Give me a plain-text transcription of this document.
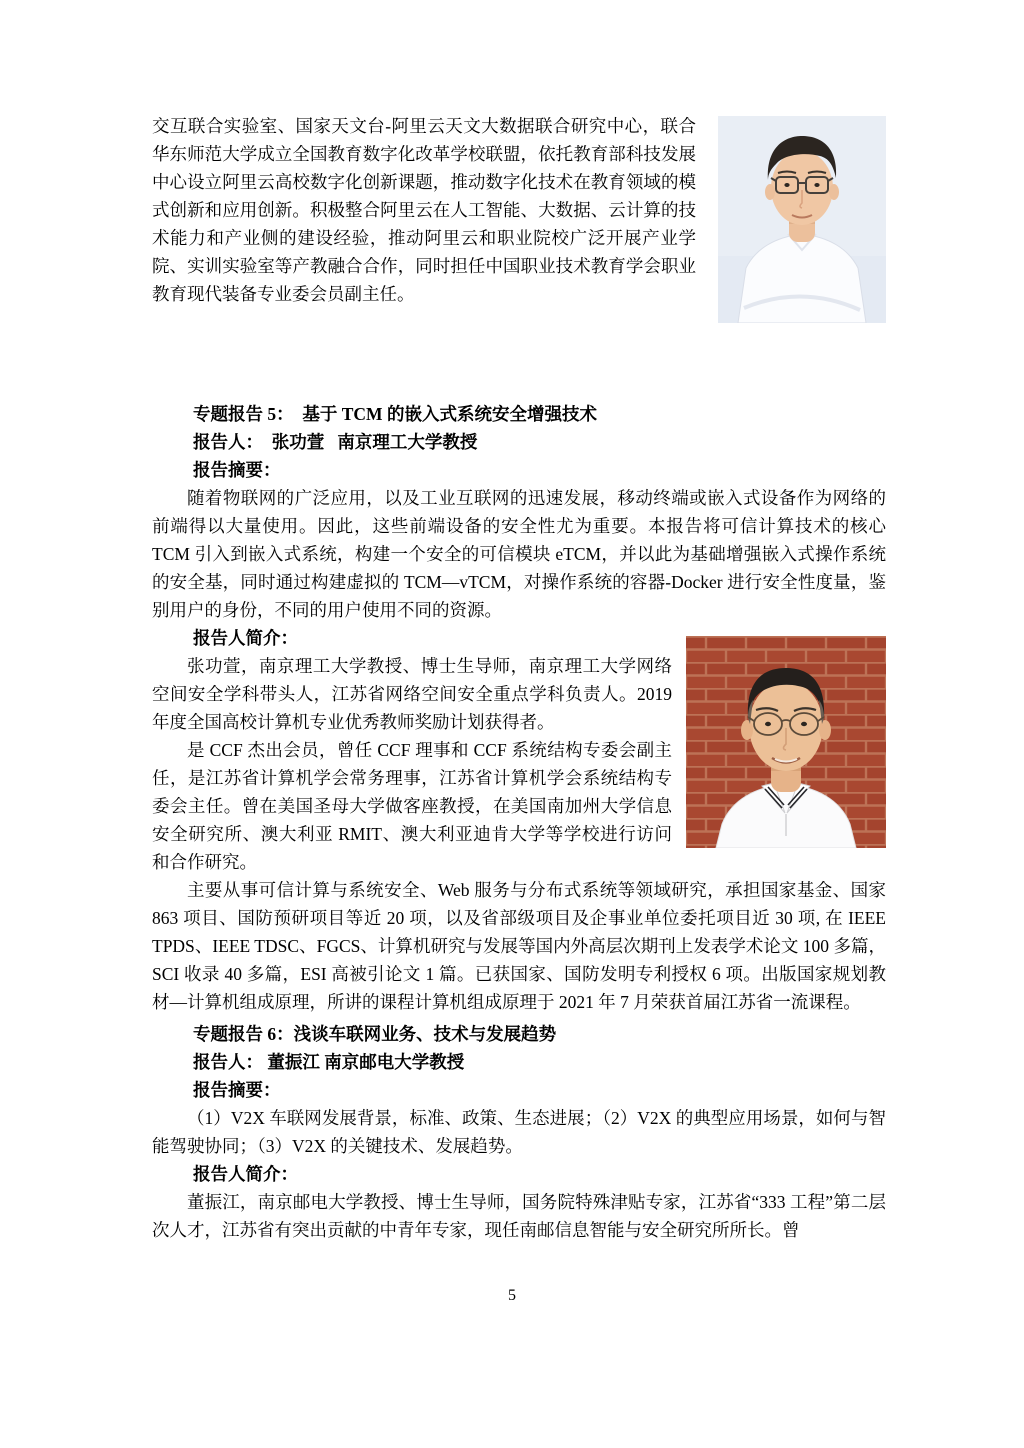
交互联合实验室、国家天文台-阿里云天文大数据联合研究中心，联合华东师范大学成立全国教育数字化改革学校联盟，依托教育部科技发展中心设立阿里云高校数字化创新课题，推动数字化技术在教育领域的模式创新和应用创新。积极整合阿里云在人工智能、大数据、云计算的技术能力和产业侧的建设经验，推动阿里云和职业院校广泛开展产业学院、实训实验室等产教融合合作，同时担任中国职业技术教育学会职业教育现代装备专业委会员副主任。

专题报告 5：  基于 TCM 的嵌入式系统安全增强技术

报告人：  张功萱   南京理工大学教授

报告摘要：

随着物联网的广泛应用，以及工业互联网的迅速发展，移动终端或嵌入式设备作为网络的前端得以大量使用。因此，这些前端设备的安全性尤为重要。本报告将可信计算技术的核心 TCM 引入到嵌入式系统，构建一个安全的可信模块 eTCM，并以此为基础增强嵌入式操作系统的安全基，同时通过构建虚拟的 TCM—vTCM，对操作系统的容器-Docker 进行安全性度量，鉴别用户的身份，不同的用户使用不同的资源。

报告人简介：

张功萱，南京理工大学教授、博士生导师，南京理工大学网络空间安全学科带头人，江苏省网络空间安全重点学科负责人。2019 年度全国高校计算机专业优秀教师奖励计划获得者。

是 CCF 杰出会员，曾任 CCF 理事和 CCF 系统结构专委会副主任，是江苏省计算机学会常务理事，江苏省计算机学会系统结构专委会主任。曾在美国圣母大学做客座教授，在美国南加州大学信息安全研究所、澳大利亚 RMIT、澳大利亚迪肯大学等学校进行访问和合作研究。

主要从事可信计算与系统安全、Web 服务与分布式系统等领域研究，承担国家基金、国家 863 项目、国防预研项目等近 20 项，以及省部级项目及企事业单位委托项目近 30 项, 在 IEEE TPDS、IEEE TDSC、FGCS、计算机研究与发展等国内外高层次期刊上发表学术论文 100 多篇，SCI 收录 40 多篇，ESI 高被引论文 1 篇。已获国家、国防发明专利授权 6 项。出版国家规划教材—计算机组成原理，所讲的课程计算机组成原理于 2021 年 7 月荣获首届江苏省一流课程。

专题报告 6：浅谈车联网业务、技术与发展趋势

报告人： 董振江 南京邮电大学教授

报告摘要：

（1）V2X 车联网发展背景，标准、政策、生态进展；（2）V2X 的典型应用场景，如何与智能驾驶协同；（3）V2X 的关键技术、发展趋势。

报告人简介：

董振江，南京邮电大学教授、博士生导师，国务院特殊津贴专家，江苏省“333 工程”第二层次人才，江苏省有突出贡献的中青年专家，现任南邮信息智能与安全研究所所长。曾

5
